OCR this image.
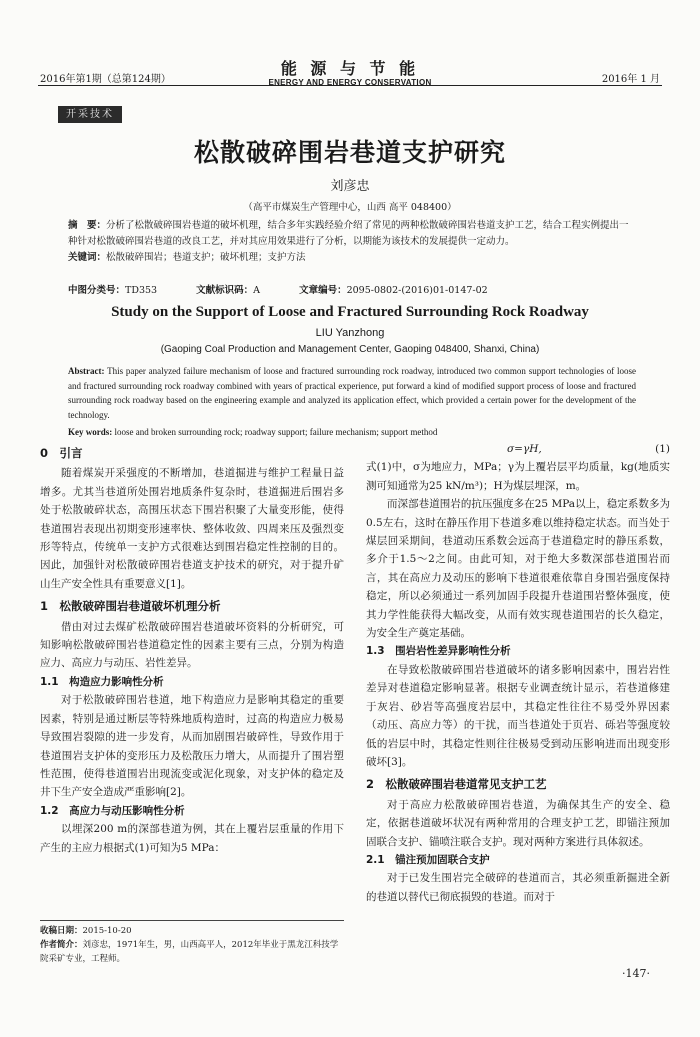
2016年第1期（总第124期）
能 源 与 节 能
ENERGY AND ENERGY CONSERVATION	2016年 1 月
开采技术
松散破碎围岩巷道支护研究
刘彦忠
（高平市煤炭生产管理中心，山西 高平 048400）
摘　要：分析了松散破碎围岩巷道的破坏机理，结合多年实践经验介绍了常见的两种松散破碎围岩巷道支护工艺，结合工程实例提出一种针对松散破碎围岩巷道的改良工艺，并对其应用效果进行了分析，以期能为该技术的发展提供一定动力。
关键词：松散破碎围岩；巷道支护；破坏机理；支护方法
中图分类号：TD353	文献标识码：A	文章编号：2095-0802-(2016)01-0147-02
Study on the Support of Loose and Fractured Surrounding Rock Roadway
LIU Yanzhong
(Gaoping Coal Production and Management Center, Gaoping 048400, Shanxi, China)
Abstract: This paper analyzed failure mechanism of loose and fractured surrounding rock roadway, introduced two common support technologies of loose and fractured surrounding rock roadway combined with years of practical experience, put forward a kind of modified support process of loose and fractured surrounding rock roadway based on the engineering example and analyzed its application effect, which provided a certain power for the development of the technology.
Key words: loose and broken surrounding rock; roadway support; failure mechanism; support method

0　引言

随着煤炭开采强度的不断增加，巷道掘进与维护工程量日益增多。尤其当巷道所处围岩地质条件复杂时，巷道掘进后围岩多处于松散破碎状态，高围压状态下围岩积聚了大量变形能，使得巷道围岩表现出初期变形速率快、整体收敛、四周来压及强烈变形等特点，传统单一支护方式很难达到围岩稳定性控制的目的。因此，加强针对松散破碎围岩巷道支护技术的研究，对于提升矿山生产安全性具有重要意义[1]。

1　松散破碎围岩巷道破坏机理分析

借由对过去煤矿松散破碎围岩巷道破坏资料的分析研究，可知影响松散破碎围岩巷道稳定性的因素主要有三点，分别为构造应力、高应力与动压、岩性差异。

1.1　构造应力影响性分析

对于松散破碎围岩巷道，地下构造应力是影响其稳定的重要因素，特别是通过断层等特殊地质构造时，过高的构造应力极易导致围岩裂隙的进一步发育，从而加剧围岩破碎性，导致作用于巷道围岩支护体的变形压力及松散压力增大，从而提升了围岩塑性范围，使得巷道围岩出现流变或泥化现象，对支护体的稳定及井下生产安全造成严重影响[2]。

1.2　高应力与动压影响性分析

以埋深200 m的深部巷道为例，其在上覆岩层重量的作用下产生的主应力根据式(1)可知为5 MPa：

σ=γH,	(1)

式(1)中，σ为地应力，MPa；γ为上覆岩层平均质量，kg(地质实测可知通常为25 kN/m³)；H为煤层埋深，m。

而深部巷道围岩的抗压强度多在25 MPa以上，稳定系数多为0.5左右，这时在静压作用下巷道多难以维持稳定状态。而当处于煤层回采期间，巷道动压系数会远高于巷道稳定时的静压系数，多介于1.5～2之间。由此可知，对于绝大多数深部巷道围岩而言，其在高应力及动压的影响下巷道很难依靠自身围岩强度保持稳定，所以必须通过一系列加固手段提升巷道围岩整体强度，使其力学性能获得大幅改变，从而有效实现巷道围岩的长久稳定，为安全生产奠定基础。

1.3　围岩岩性差异影响性分析

在导致松散破碎围岩巷道破坏的诸多影响因素中，围岩岩性差异对巷道稳定影响显著。根据专业调查统计显示，若巷道修建于灰岩、砂岩等高强度岩层中，其稳定性往往不易受外界因素（动压、高应力等）的干扰，而当巷道处于页岩、砾岩等强度较低的岩层中时，其稳定性则往往极易受到动压影响进而出现变形破坏[3]。

2　松散破碎围岩巷道常见支护工艺

对于高应力松散破碎围岩巷道，为确保其生产的安全、稳定，依据巷道破坏状况有两种常用的合理支护工艺，即锚注预加固联合支护、锚喷注联合支护。现对两种方案进行具体叙述。

2.1　锚注预加固联合支护

对于已发生围岩完全破碎的巷道而言，其必须重新掘进全新的巷道以替代已彻底损毁的巷道。而对于

收稿日期：2015-10-20
作者简介：刘彦忠，1971年生，男，山西高平人，2012年毕业于黑龙江科技学院采矿专业，工程师。
·147·
